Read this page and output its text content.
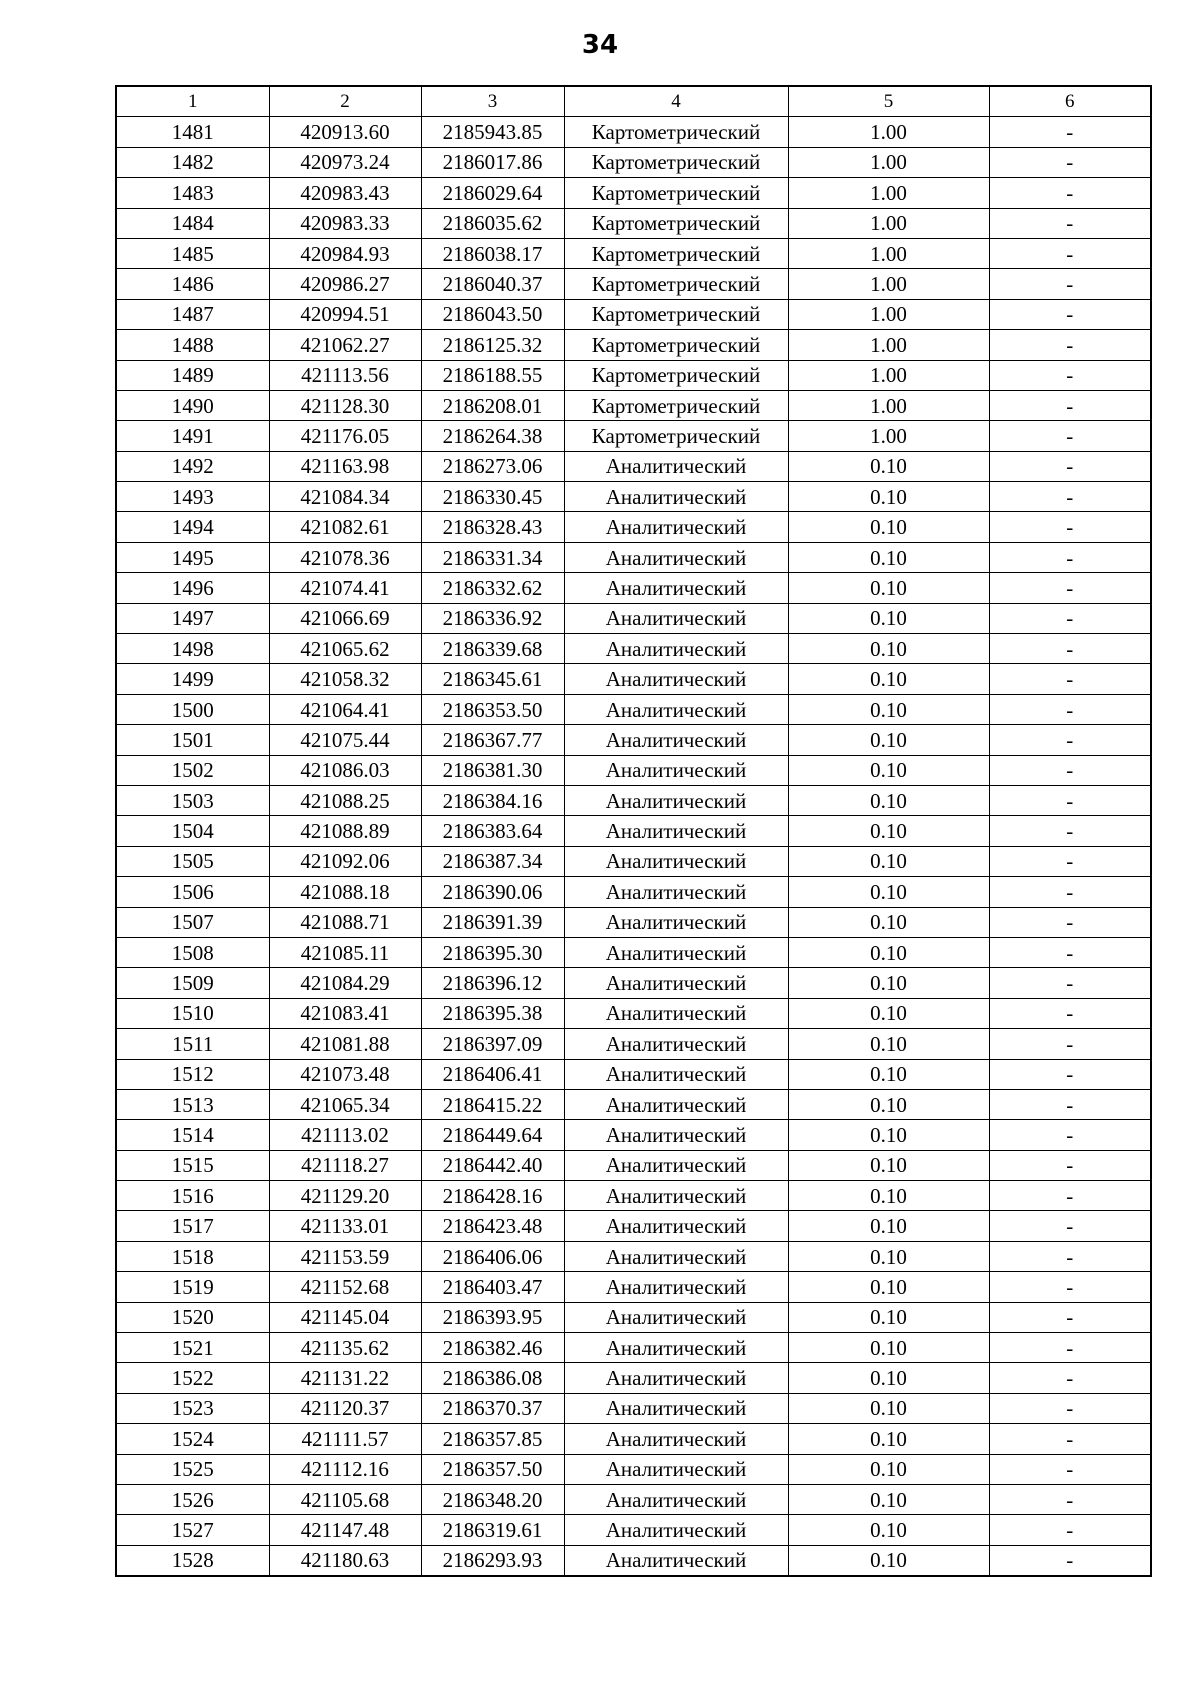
34
1	2	3	4	5	6
1481	420913.60	2185943.85	Картометрический	1.00	-
1482	420973.24	2186017.86	Картометрический	1.00	-
1483	420983.43	2186029.64	Картометрический	1.00	-
1484	420983.33	2186035.62	Картометрический	1.00	-
1485	420984.93	2186038.17	Картометрический	1.00	-
1486	420986.27	2186040.37	Картометрический	1.00	-
1487	420994.51	2186043.50	Картометрический	1.00	-
1488	421062.27	2186125.32	Картометрический	1.00	-
1489	421113.56	2186188.55	Картометрический	1.00	-
1490	421128.30	2186208.01	Картометрический	1.00	-
1491	421176.05	2186264.38	Картометрический	1.00	-
1492	421163.98	2186273.06	Аналитический	0.10	-
1493	421084.34	2186330.45	Аналитический	0.10	-
1494	421082.61	2186328.43	Аналитический	0.10	-
1495	421078.36	2186331.34	Аналитический	0.10	-
1496	421074.41	2186332.62	Аналитический	0.10	-
1497	421066.69	2186336.92	Аналитический	0.10	-
1498	421065.62	2186339.68	Аналитический	0.10	-
1499	421058.32	2186345.61	Аналитический	0.10	-
1500	421064.41	2186353.50	Аналитический	0.10	-
1501	421075.44	2186367.77	Аналитический	0.10	-
1502	421086.03	2186381.30	Аналитический	0.10	-
1503	421088.25	2186384.16	Аналитический	0.10	-
1504	421088.89	2186383.64	Аналитический	0.10	-
1505	421092.06	2186387.34	Аналитический	0.10	-
1506	421088.18	2186390.06	Аналитический	0.10	-
1507	421088.71	2186391.39	Аналитический	0.10	-
1508	421085.11	2186395.30	Аналитический	0.10	-
1509	421084.29	2186396.12	Аналитический	0.10	-
1510	421083.41	2186395.38	Аналитический	0.10	-
1511	421081.88	2186397.09	Аналитический	0.10	-
1512	421073.48	2186406.41	Аналитический	0.10	-
1513	421065.34	2186415.22	Аналитический	0.10	-
1514	421113.02	2186449.64	Аналитический	0.10	-
1515	421118.27	2186442.40	Аналитический	0.10	-
1516	421129.20	2186428.16	Аналитический	0.10	-
1517	421133.01	2186423.48	Аналитический	0.10	-
1518	421153.59	2186406.06	Аналитический	0.10	-
1519	421152.68	2186403.47	Аналитический	0.10	-
1520	421145.04	2186393.95	Аналитический	0.10	-
1521	421135.62	2186382.46	Аналитический	0.10	-
1522	421131.22	2186386.08	Аналитический	0.10	-
1523	421120.37	2186370.37	Аналитический	0.10	-
1524	421111.57	2186357.85	Аналитический	0.10	-
1525	421112.16	2186357.50	Аналитический	0.10	-
1526	421105.68	2186348.20	Аналитический	0.10	-
1527	421147.48	2186319.61	Аналитический	0.10	-
1528	421180.63	2186293.93	Аналитический	0.10	-
